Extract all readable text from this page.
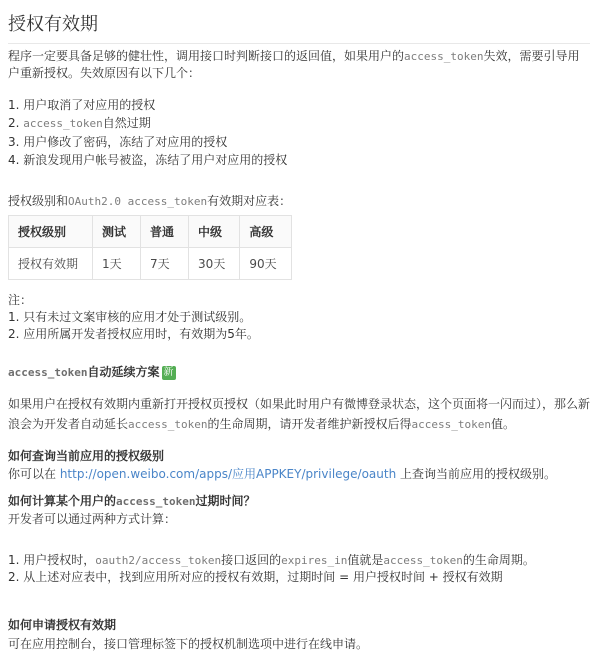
授权有效期

程序一定要具备足够的健壮性，调用接口时判断接口的返回值，如果用户的access_token失效，需要引导用户重新授权。失效原因有以下几个：

1. 用户取消了对应用的授权
2. access_token自然过期
3. 用户修改了密码，冻结了对应用的授权
4. 新浪发现用户帐号被盗，冻结了用户对应用的授权
授权级别和OAuth2.0 access_token有效期对应表：
授权级别	测试	普通	中级	高级
授权有效期	1天	7天	30天	90天
注：
1. 只有未过文案审核的应用才处于测试级别。
2. 应用所属开发者授权应用时，有效期为5年。
access_token自动延续方案 新

如果用户在授权有效期内重新打开授权页授权（如果此时用户有微博登录状态，这个页面将一闪而过），那么新浪会为开发者自动延长access_token的生命周期，请开发者维护新授权后得access_token值。

如何查询当前应用的授权级别

你可以在 http://open.weibo.com/apps/应用APPKEY/privilege/oauth 上查询当前应用的授权级别。

如何计算某个用户的access_token过期时间？

开发者可以通过两种方式计算：

1. 用户授权时，oauth2/access_token接口返回的expires_in值就是access_token的生命周期。
2. 从上述对应表中，找到应用所对应的授权有效期，过期时间 = 用户授权时间 + 授权有效期
如何申请授权有效期

可在应用控制台，接口管理标签下的授权机制选项中进行在线申请。
